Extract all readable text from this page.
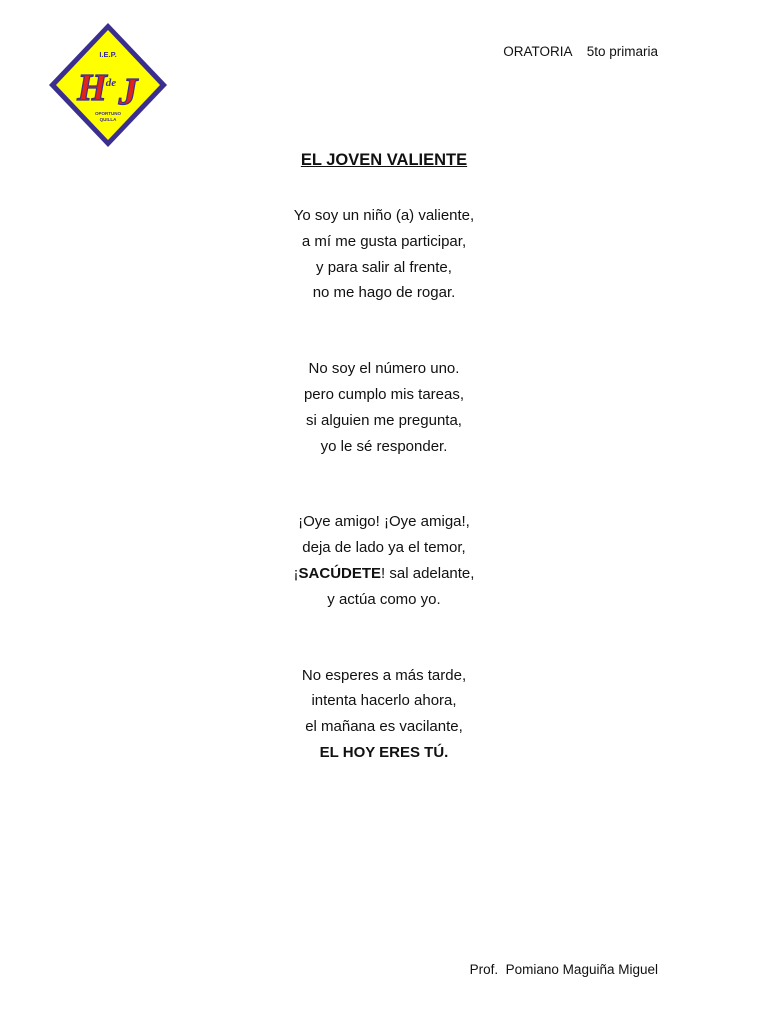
I.E.P.
H de J
OPORTUNO
QUILLA
ORATORIA 5to primaria
EL JOVEN VALIENTE
Yo soy un niño (a) valiente,
a mí me gusta participar,
y para salir al frente,
no me hago de rogar.
No soy el número uno.
pero cumplo mis tareas,
si alguien me pregunta,
yo le sé responder.
¡Oye amigo! ¡Oye amiga!,
deja de lado ya el temor,
¡SACÚDETE! sal adelante,
y actúa como yo.
No esperes a más tarde,
intenta hacerlo ahora,
el mañana es vacilante,
EL HOY ERES TÚ.
Prof.  Pomiano Maguiña Miguel
